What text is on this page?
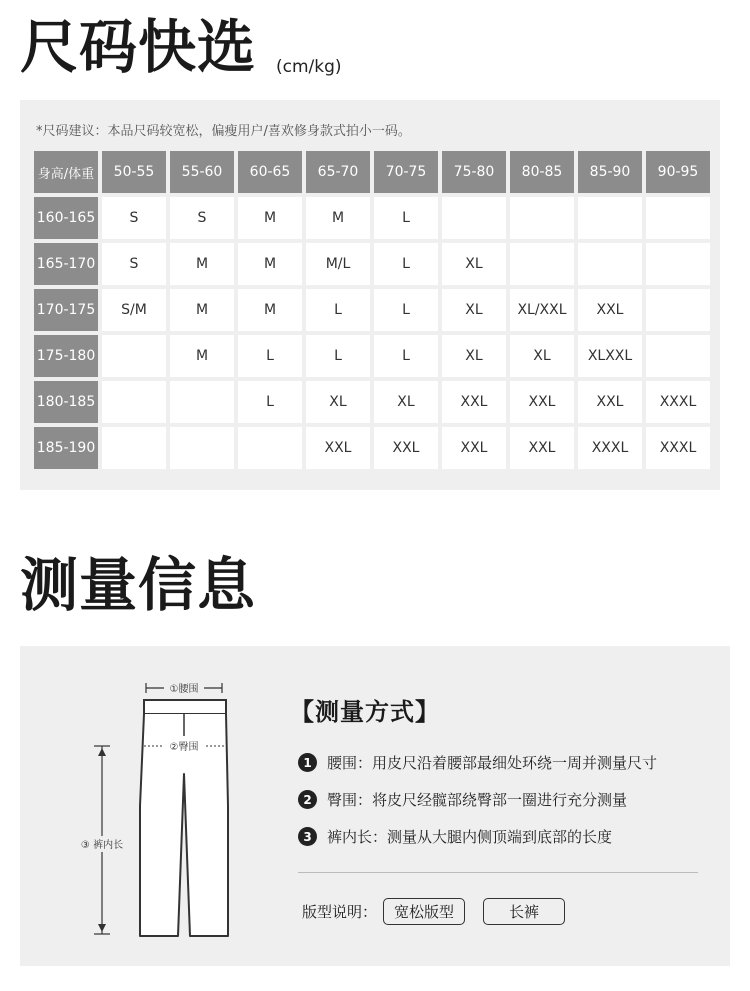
尺码快选 (cm/kg)
*尺码建议：本品尺码较宽松，偏瘦用户/喜欢修身款式拍小一码。
身高/体重	50-55	55-60	60-65	65-70	70-75	75-80	80-85	85-90	90-95
160-165	S	S	M	M	L				
165-170	S	M	M	M/L	L	XL			
170-175	S/M	M	M	L	L	XL	XL/XXL	XXL	
175-180		M	L	L	L	XL	XL	XLXXL	
180-185			L	XL	XL	XXL	XXL	XXL	XXXL
185-190				XXL	XXL	XXL	XXL	XXXL	XXXL
测量信息
①腰围
②臀围
③ 裤内长
【测量方式】
1	腰围：用皮尺沿着腰部最细处环绕一周并测量尺寸
2	臀围：将皮尺经髋部绕臀部一圈进行充分测量
3	裤内长：测量从大腿内侧顶端到底部的长度
版型说明：	宽松版型	长裤
